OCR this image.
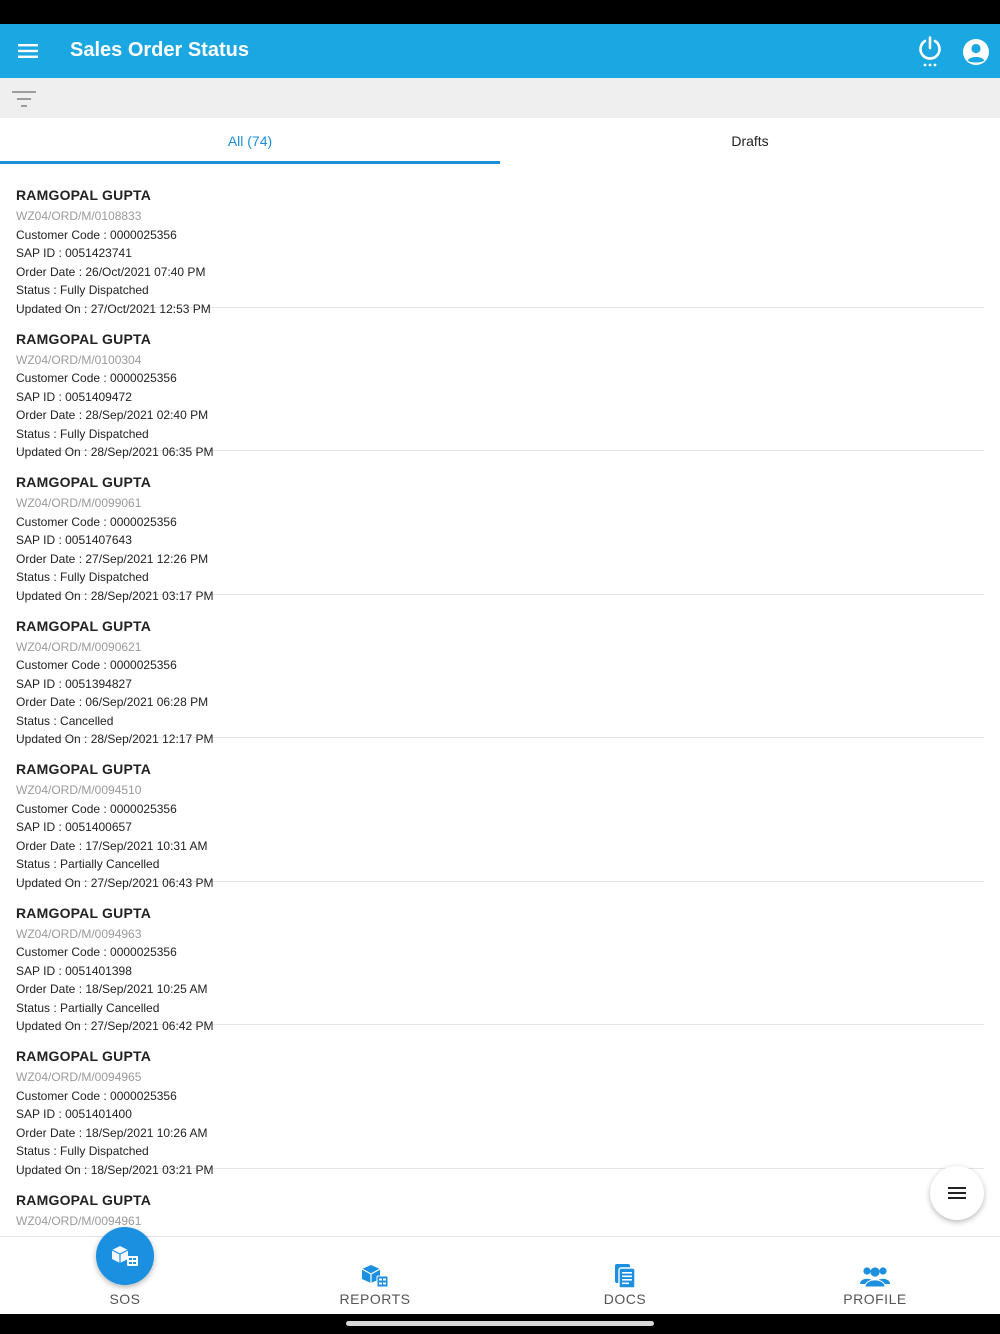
Sales Order Status
All (74)	Drafts
RAMGOPAL GUPTA
WZ04/ORD/M/0108833
Customer Code : 0000025356
SAP ID : 0051423741
Order Date : 26/Oct/2021 07:40 PM
Status : Fully Dispatched
Updated On : 27/Oct/2021 12:53 PM
RAMGOPAL GUPTA
WZ04/ORD/M/0100304
Customer Code : 0000025356
SAP ID : 0051409472
Order Date : 28/Sep/2021 02:40 PM
Status : Fully Dispatched
Updated On : 28/Sep/2021 06:35 PM
RAMGOPAL GUPTA
WZ04/ORD/M/0099061
Customer Code : 0000025356
SAP ID : 0051407643
Order Date : 27/Sep/2021 12:26 PM
Status : Fully Dispatched
Updated On : 28/Sep/2021 03:17 PM
RAMGOPAL GUPTA
WZ04/ORD/M/0090621
Customer Code : 0000025356
SAP ID : 0051394827
Order Date : 06/Sep/2021 06:28 PM
Status : Cancelled
Updated On : 28/Sep/2021 12:17 PM
RAMGOPAL GUPTA
WZ04/ORD/M/0094510
Customer Code : 0000025356
SAP ID : 0051400657
Order Date : 17/Sep/2021 10:31 AM
Status : Partially Cancelled
Updated On : 27/Sep/2021 06:43 PM
RAMGOPAL GUPTA
WZ04/ORD/M/0094963
Customer Code : 0000025356
SAP ID : 0051401398
Order Date : 18/Sep/2021 10:25 AM
Status : Partially Cancelled
Updated On : 27/Sep/2021 06:42 PM
RAMGOPAL GUPTA
WZ04/ORD/M/0094965
Customer Code : 0000025356
SAP ID : 0051401400
Order Date : 18/Sep/2021 10:26 AM
Status : Fully Dispatched
Updated On : 18/Sep/2021 03:21 PM
RAMGOPAL GUPTA
WZ04/ORD/M/0094961
SOS	REPORTS	DOCS	PROFILE
